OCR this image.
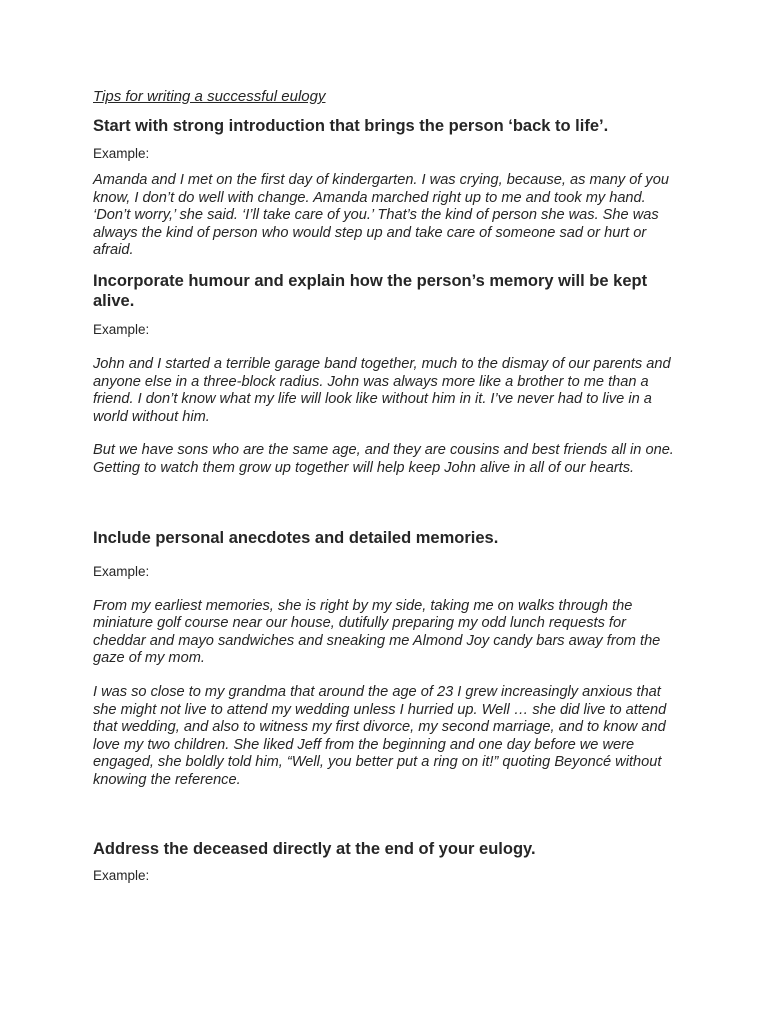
Tips for writing a successful eulogy

Start with strong introduction that brings the person ‘back to life’.

Example:

Amanda and I met on the first day of kindergarten. I was crying, because, as many of you know, I don’t do well with change. Amanda marched right up to me and took my hand. ‘Don’t worry,’ she said. ‘I’ll take care of you.’ That’s the kind of person she was. She was always the kind of person who would step up and take care of someone sad or hurt or afraid.

Incorporate humour and explain how the person’s memory will be kept alive.

Example:

John and I started a terrible garage band together, much to the dismay of our parents and anyone else in a three-block radius. John was always more like a brother to me than a friend. I don’t know what my life will look like without him in it. I’ve never had to live in a world without him.

But we have sons who are the same age, and they are cousins and best friends all in one. Getting to watch them grow up together will help keep John alive in all of our hearts.

Include personal anecdotes and detailed memories.

Example:

From my earliest memories, she is right by my side, taking me on walks through the miniature golf course near our house, dutifully preparing my odd lunch requests for cheddar and mayo sandwiches and sneaking me Almond Joy candy bars away from the gaze of my mom.

I was so close to my grandma that around the age of 23 I grew increasingly anxious that she might not live to attend my wedding unless I hurried up. Well … she did live to attend that wedding, and also to witness my first divorce, my second marriage, and to know and love my two children. She liked Jeff from the beginning and one day before we were engaged, she boldly told him, “Well, you better put a ring on it!” quoting Beyoncé without knowing the reference.

Address the deceased directly at the end of your eulogy.

Example:
